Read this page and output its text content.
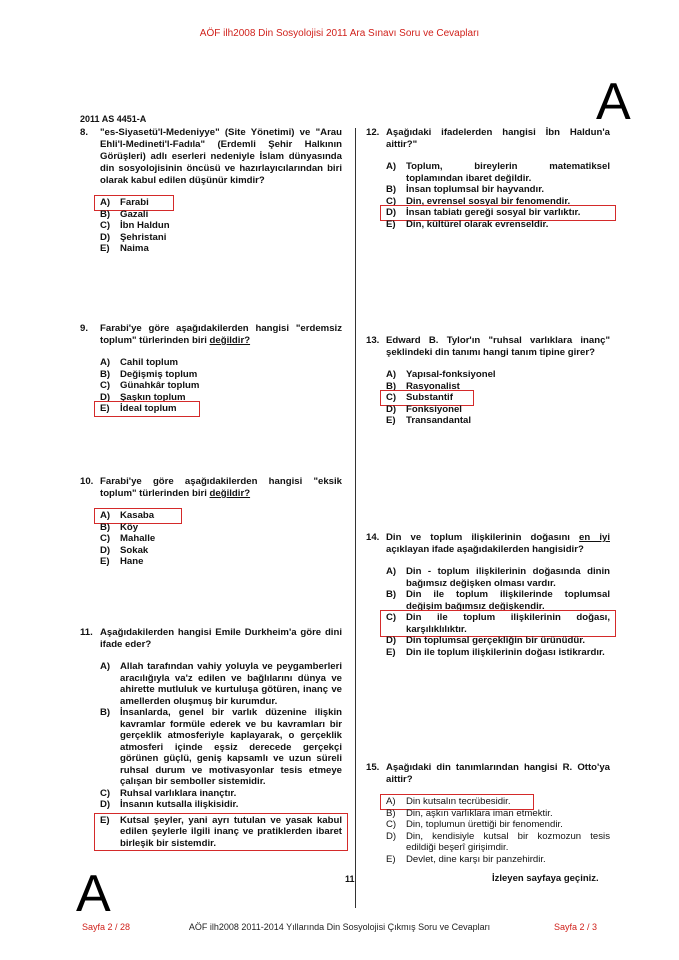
AÖF ilh2008 Din Sosyolojisi 2011 Ara Sınavı Soru ve Cevapları
A
2011 AS 4451-A
8.	"es-Siyasetü'l-Medeniyye" (Site Yönetimi) ve "Arau Ehli'l-Medineti'l-Fadıla" (Erdemli Şehir Halkının Görüşleri) adlı eserleri nedeniyle İslam dünyasında din sosyolojisinin öncüsü ve hazırlayıcılarından biri olarak kabul edilen düşünür kimdir?
A)	Farabi
B)	Gazali
C)	İbn Haldun
D)	Şehristani
E)	Naima
9.	Farabi'ye göre aşağıdakilerden hangisi "erdemsiz toplum" türlerinden biri değildir?
A)	Cahil toplum
B)	Değişmiş toplum
C)	Günahkâr toplum
D)	Şaşkın toplum
E)	İdeal toplum
10. Farabi'ye göre aşağıdakilerden hangisi "eksik toplum" türlerinden biri değildir?
A)	Kasaba
B)	Köy
C)	Mahalle
D)	Sokak
E)	Hane
11. Aşağıdakilerden hangisi Emile Durkheim'a göre dini ifade eder?
A)	Allah tarafından vahiy yoluyla ve peygamberleri aracılığıyla va'z edilen ve bağlılarını dünya ve ahirette mutluluk ve kurtuluşa götüren, inanç ve amellerden oluşmuş bir kurumdur.
B)	İnsanlarda, genel bir varlık düzenine ilişkin kavramlar formüle ederek ve bu kavramları bir gerçeklik atmosferiyle kaplayarak, o gerçeklik atmosferi içinde eşsiz derecede gerçekçi görünen güçlü, geniş kapsamlı ve uzun süreli ruhsal durum ve motivasyonlar tesis etmeye çalışan bir semboller sistemidir.
C)	Ruhsal varlıklara inançtır.
D)	İnsanın kutsalla ilişkisidir.
E)	Kutsal şeyler, yani ayrı tutulan ve yasak kabul edilen şeylerle ilgili inanç ve pratiklerden ibaret birleşik bir sistemdir.
12. Aşağıdaki ifadelerden hangisi İbn Haldun'a aittir?"
A)	Toplum, bireylerin matematiksel toplamından ibaret değildir.
B)	İnsan toplumsal bir hayvandır.
C)	Din, evrensel sosyal bir fenomendir.
D)	İnsan tabiatı gereği sosyal bir varlıktır.
E)	Din, kültürel olarak evrenseldir.
13. Edward B. Tylor'ın "ruhsal varlıklara inanç" şeklindeki din tanımı hangi tanım tipine girer?
A)	Yapısal-fonksiyonel
B)	Rasyonalist
C)	Substantif
D)	Fonksiyonel
E)	Transandantal
14. Din ve toplum ilişkilerinin doğasını en iyi açıklayan ifade aşağıdakilerden hangisidir?
A)	Din - toplum ilişkilerinin doğasında dinin bağımsız değişken olması vardır.
B)	Din ile toplum ilişkilerinde toplumsal değişim bağımsız değişkendir.
C)	Din ile toplum ilişkilerinin doğası, karşılıklılıktır.
D)	Din toplumsal gerçekliğin bir ürünüdür.
E)	Din ile toplum ilişkilerinin doğası istikrardır.
15. Aşağıdaki din tanımlarından hangisi R. Otto'ya aittir?
A)	Din kutsalın tecrübesidir.
B)	Din, aşkın varlıklara iman etmektir.
C)	Din, toplumun ürettiği bir fenomendir.
D)	Din, kendisiyle kutsal bir kozmozun tesis edildiği beşerî girişimdir.
E)	Devlet, dine karşı bir panzehirdir.
A	11	İzleyen sayfaya geçiniz.
Sayfa 2 / 28	AÖF ilh2008 2011-2014 Yıllarında Din Sosyolojisi Çıkmış Soru ve Cevapları	Sayfa 2 / 3
